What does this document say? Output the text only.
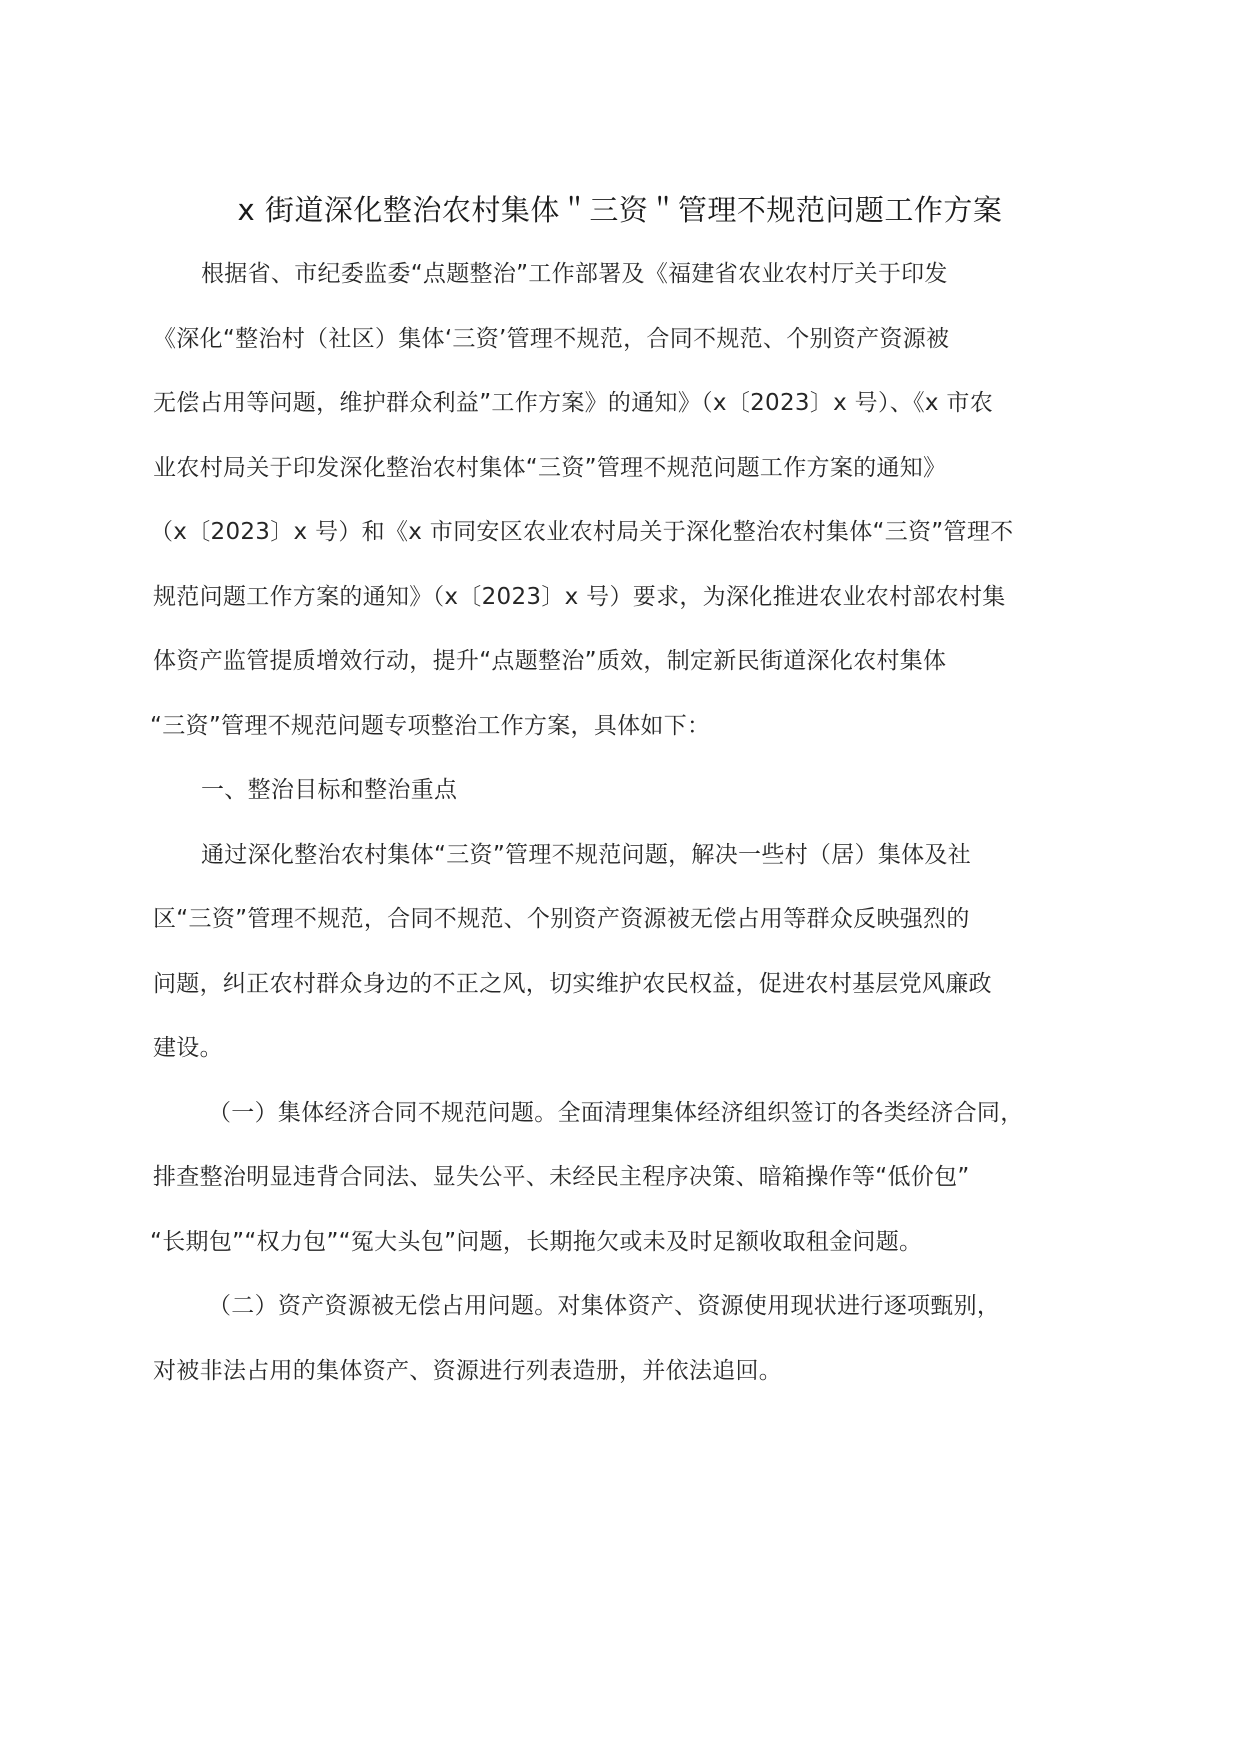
x 街道深化整治农村集体＂三资＂管理不规范问题工作方案
根据省、市纪委监委“点题整治”工作部署及《福建省农业农村厅关于印发
《深化“整治村（社区）集体‘三资’管理不规范，合同不规范、个别资产资源被
无偿占用等问题，维护群众利益”工作方案》的通知》（x〔2023〕x 号）、《x 市农
业农村局关于印发深化整治农村集体“三资”管理不规范问题工作方案的通知》
（x〔2023〕x 号）和《x 市同安区农业农村局关于深化整治农村集体“三资”管理不
规范问题工作方案的通知》（x〔2023〕x 号）要求，为深化推进农业农村部农村集
体资产监管提质增效行动，提升“点题整治”质效，制定新民街道深化农村集体
“三资”管理不规范问题专项整治工作方案，具体如下：
一、整治目标和整治重点
通过深化整治农村集体“三资”管理不规范问题，解决一些村（居）集体及社
区“三资”管理不规范，合同不规范、个别资产资源被无偿占用等群众反映强烈的
问题，纠正农村群众身边的不正之风，切实维护农民权益，促进农村基层党风廉政
建设。
（一）集体经济合同不规范问题。全面清理集体经济组织签订的各类经济合同，
排查整治明显违背合同法、显失公平、未经民主程序决策、暗箱操作等“低价包”
“长期包”“权力包”“冤大头包”问题，长期拖欠或未及时足额收取租金问题。
（二）资产资源被无偿占用问题。对集体资产、资源使用现状进行逐项甄别，
对被非法占用的集体资产、资源进行列表造册，并依法追回。
